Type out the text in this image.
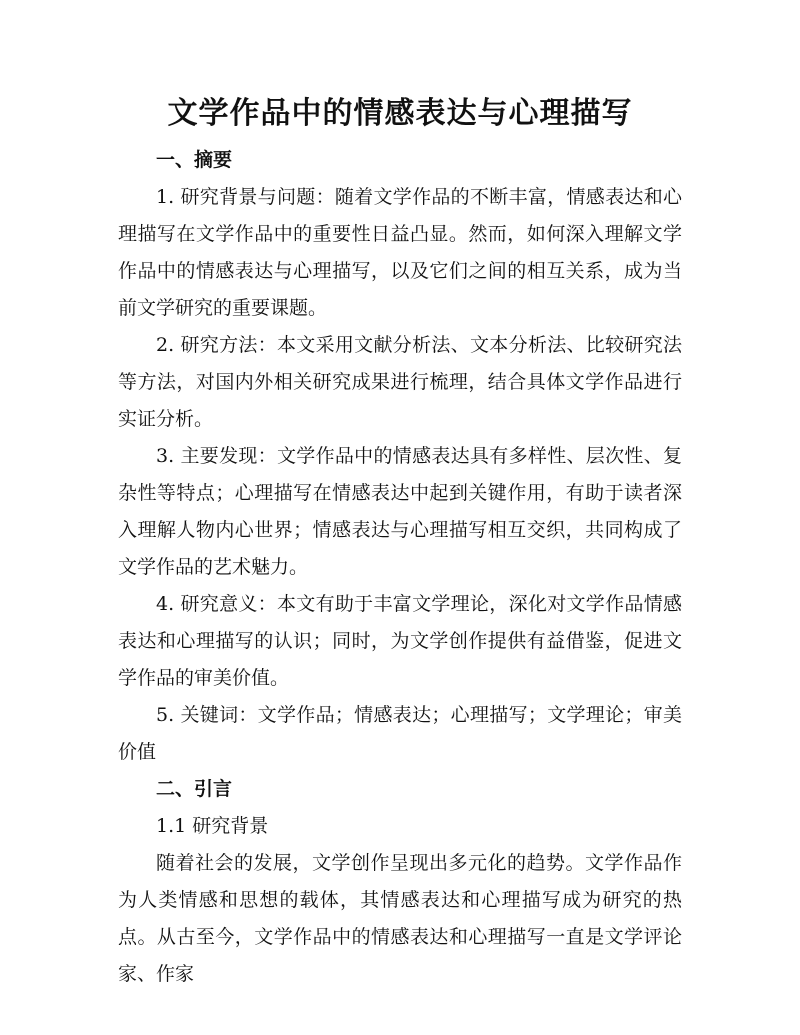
文学作品中的情感表达与心理描写

一、摘要

1. 研究背景与问题：随着文学作品的不断丰富，情感表达和心理描写在文学作品中的重要性日益凸显。然而，如何深入理解文学作品中的情感表达与心理描写，以及它们之间的相互关系，成为当前文学研究的重要课题。

2. 研究方法：本文采用文献分析法、文本分析法、比较研究法等方法，对国内外相关研究成果进行梳理，结合具体文学作品进行实证分析。

3. 主要发现：文学作品中的情感表达具有多样性、层次性、复杂性等特点；心理描写在情感表达中起到关键作用，有助于读者深入理解人物内心世界；情感表达与心理描写相互交织，共同构成了文学作品的艺术魅力。

4. 研究意义：本文有助于丰富文学理论，深化对文学作品情感表达和心理描写的认识；同时，为文学创作提供有益借鉴，促进文学作品的审美价值。

5. 关键词：文学作品；情感表达；心理描写；文学理论；审美价值

二、引言

1.1 研究背景

随着社会的发展，文学创作呈现出多元化的趋势。文学作品作为人类情感和思想的载体，其情感表达和心理描写成为研究的热点。从古至今，文学作品中的情感表达和心理描写一直是文学评论家、作家
